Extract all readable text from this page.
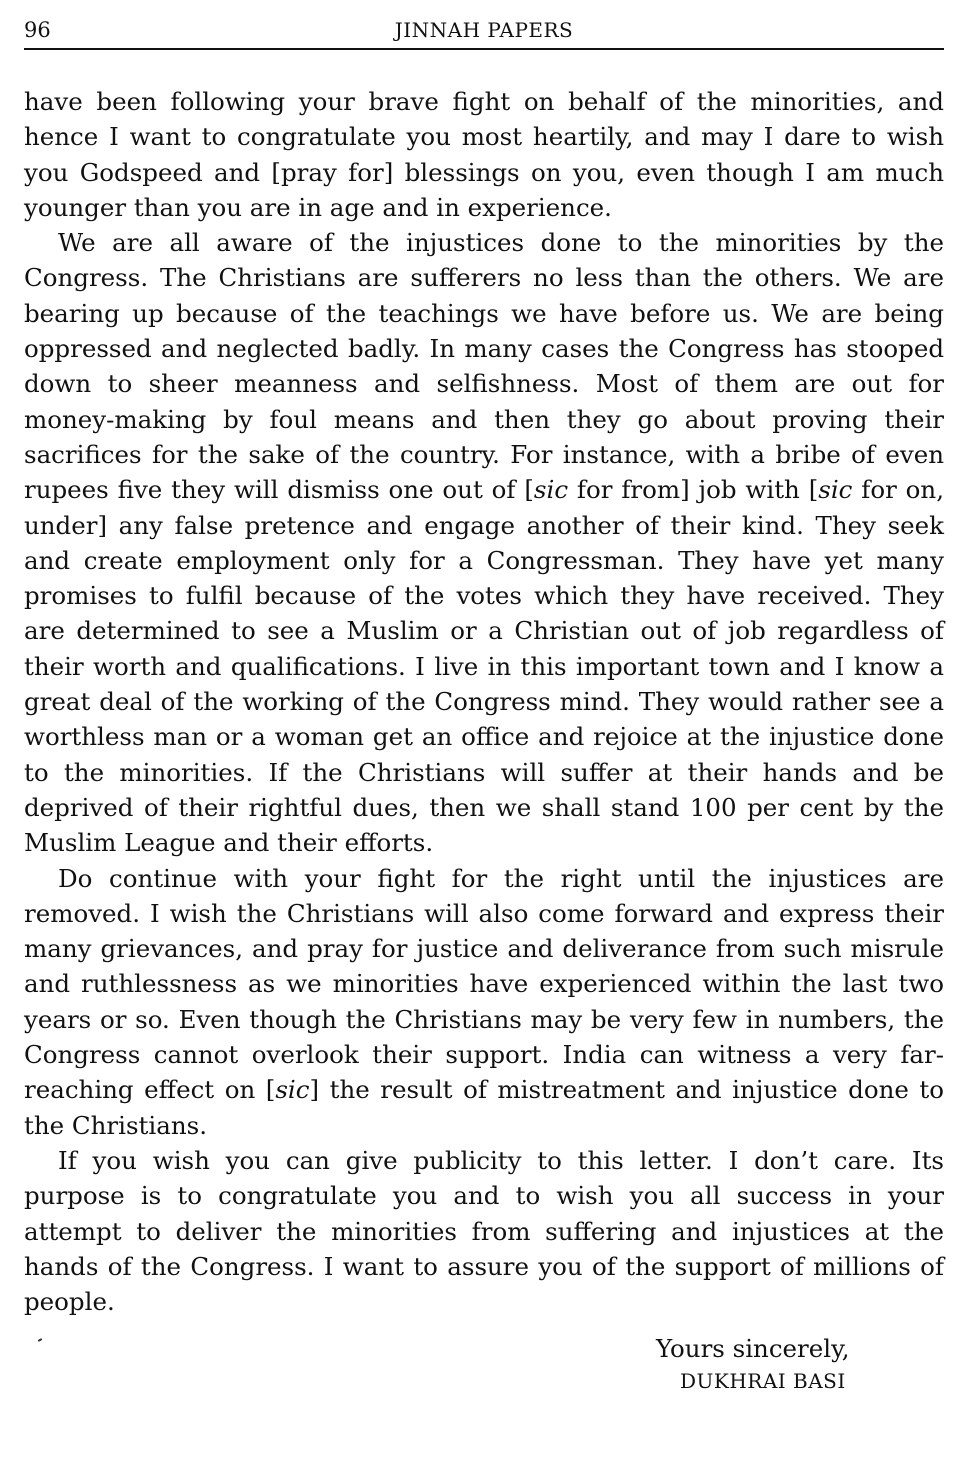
96	JINNAH PAPERS

have been following your brave fight on behalf of the minorities, and hence I want to congratulate you most heartily, and may I dare to wish you Godspeed and [pray for] blessings on you, even though I am much younger than you are in age and in experience.

We are all aware of the injustices done to the minorities by the Congress. The Christians are sufferers no less than the others. We are bearing up because of the teachings we have before us. We are being oppressed and neglected badly. In many cases the Congress has stooped down to sheer meanness and selfishness. Most of them are out for money-making by foul means and then they go about proving their sacrifices for the sake of the country. For instance, with a bribe of even rupees five they will dismiss one out of [sic for from] job with [sic for on, under] any false pretence and engage another of their kind. They seek and create employment only for a Congressman. They have yet many promises to fulfil because of the votes which they have received. They are determined to see a Muslim or a Christian out of job regardless of their worth and qualifications. I live in this important town and I know a great deal of the working of the Congress mind. They would rather see a worthless man or a woman get an office and rejoice at the injustice done to the minorities. If the Christians will suffer at their hands and be deprived of their rightful dues, then we shall stand 100 per cent by the Muslim League and their efforts.

Do continue with your fight for the right until the injustices are removed. I wish the Christians will also come forward and express their many grievances, and pray for justice and deliverance from such misrule and ruthlessness as we minorities have experienced within the last two years or so. Even though the Christians may be very few in numbers, the Congress cannot overlook their support. India can witness a very far-reaching effect on [sic] the result of mistreatment and injustice done to the Christians.

If you wish you can give publicity to this letter. I don’t care. Its purpose is to congratulate you and to wish you all success in your attempt to deliver the minorities from suffering and injustices at the hands of the Congress. I want to assure you of the support of millions of people.

Yours sincerely,
DUKHRAI BASI
